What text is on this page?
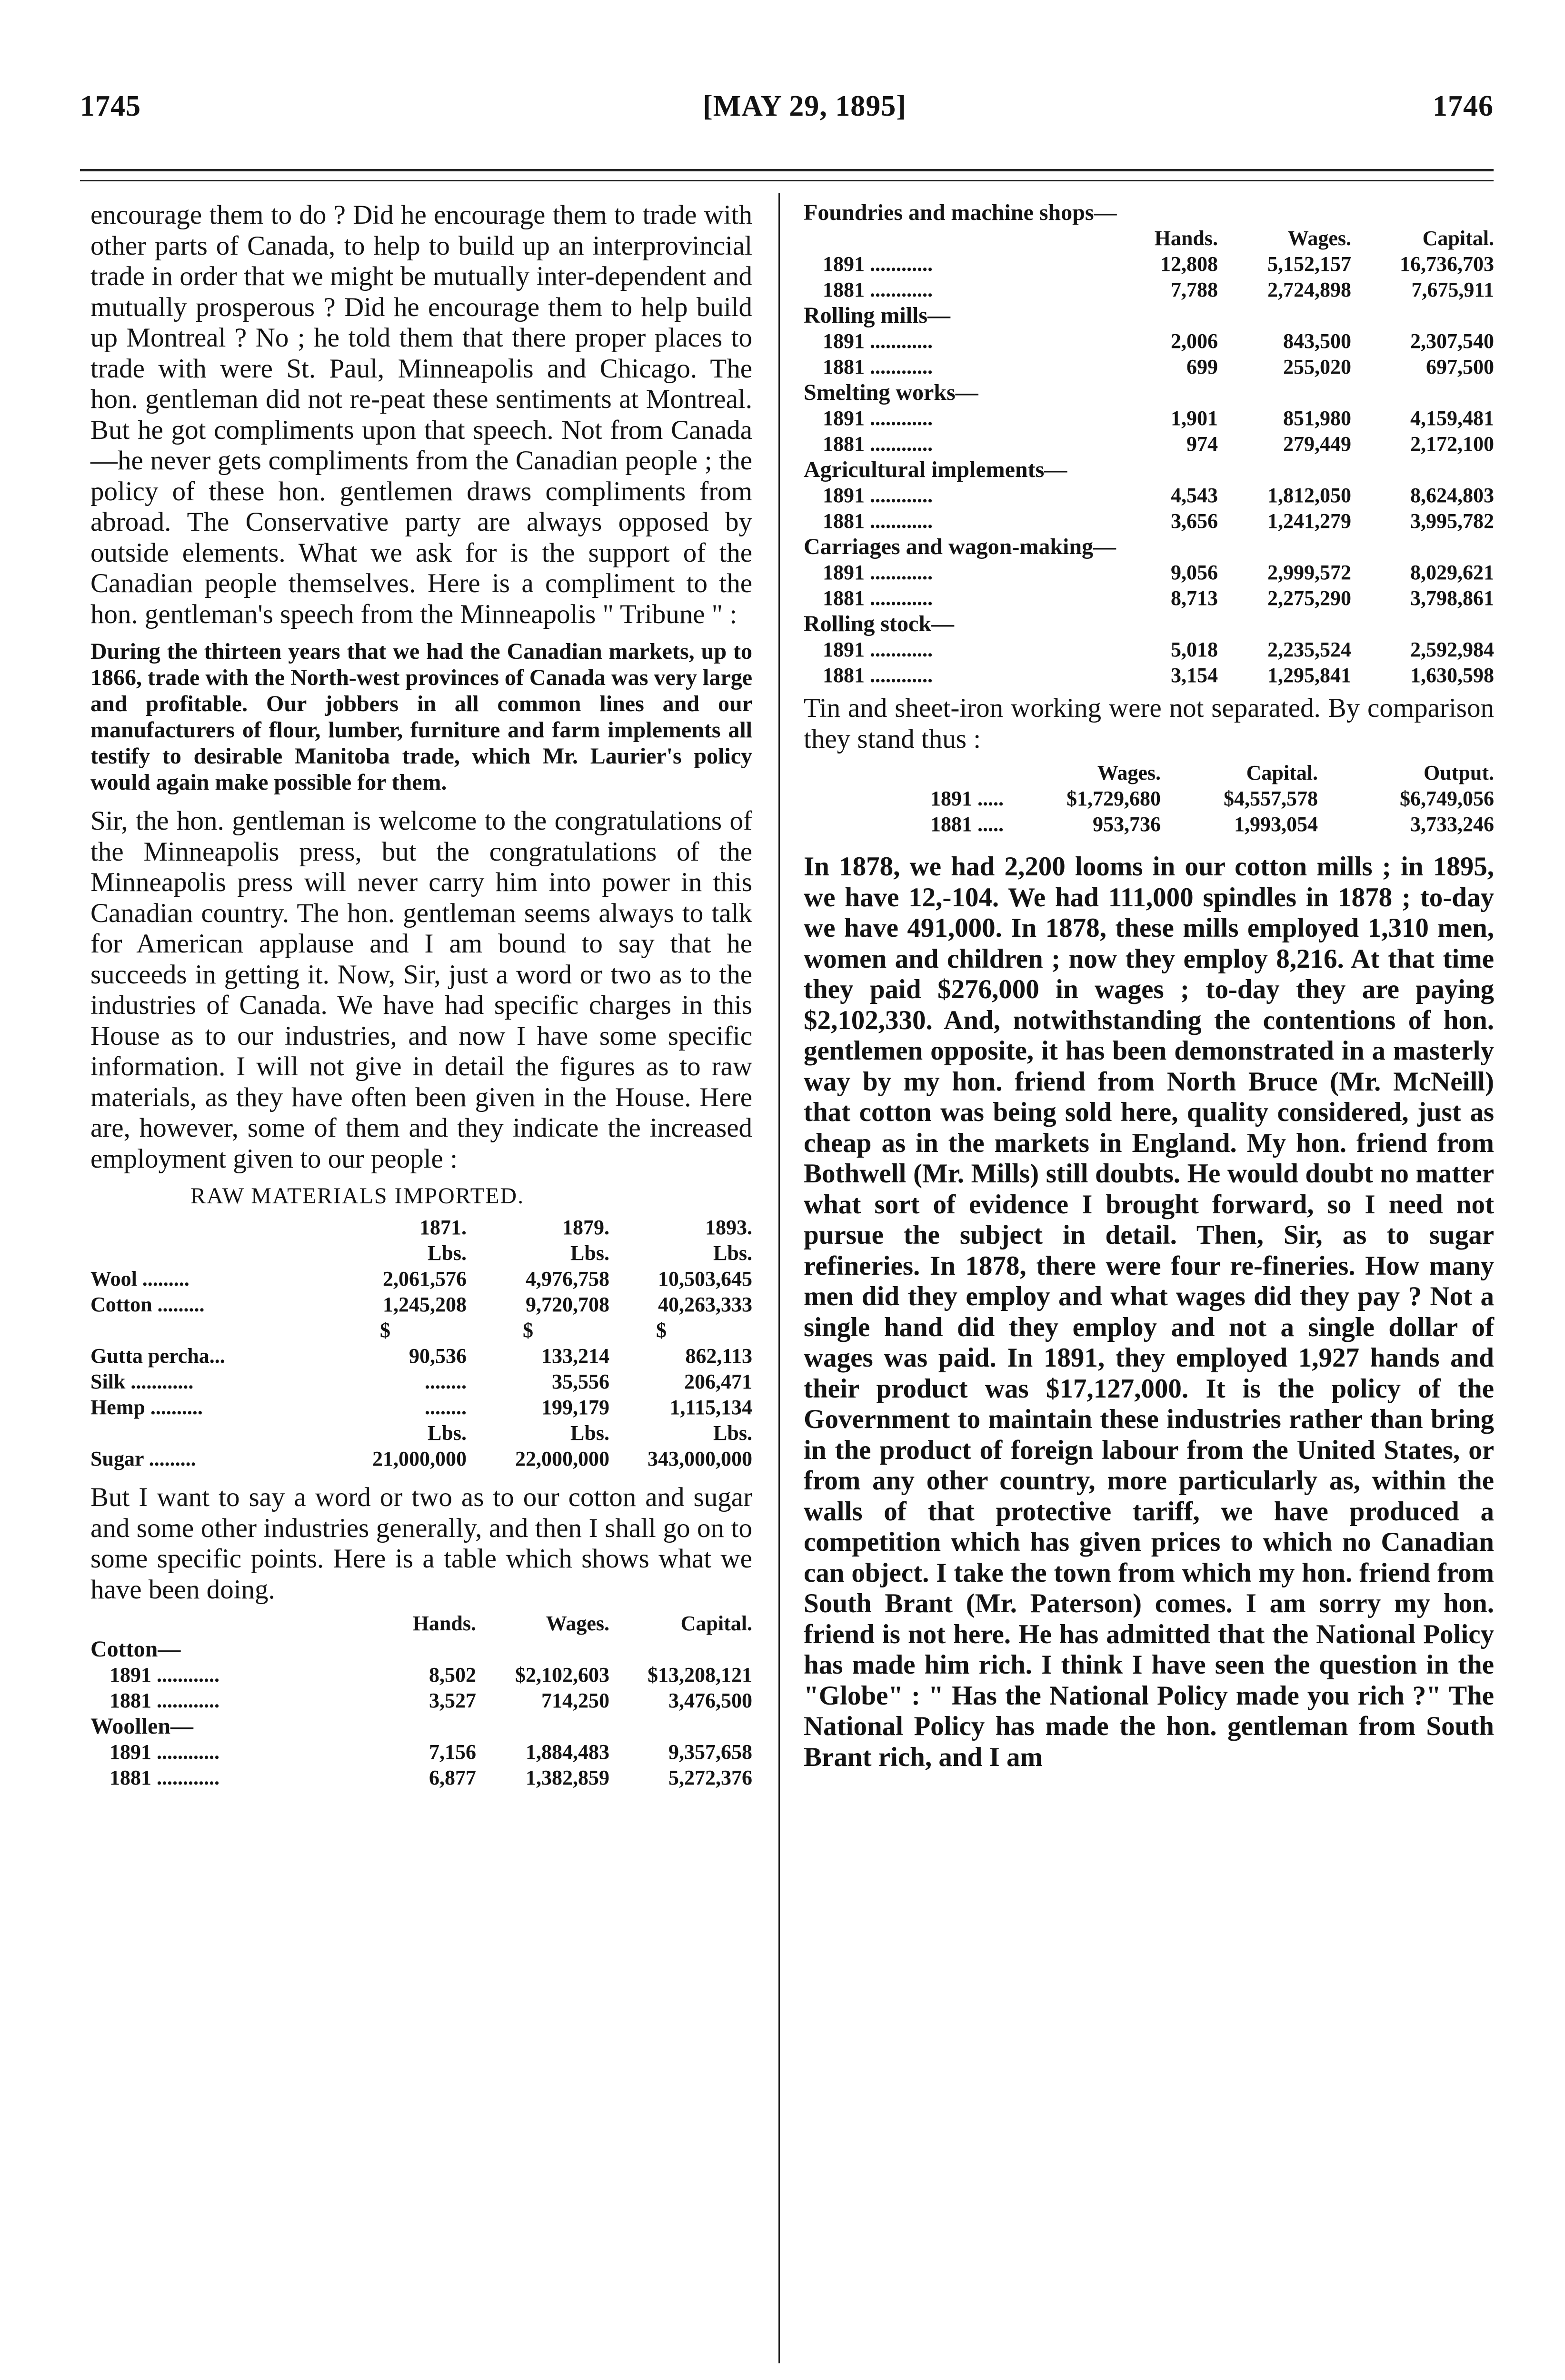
1745	[MAY 29, 1895]	1746

encourage them to do ? Did he encourage them to trade with other parts of Canada, to help to build up an interprovincial trade in order that we might be mutually inter-dependent and mutually prosperous ? Did he encourage them to help build up Montreal ? No ; he told them that there proper places to trade with were St. Paul, Minneapolis and Chicago. The hon. gentleman did not re-peat these sentiments at Montreal. But he got compliments upon that speech. Not from Canada—he never gets compliments from the Canadian people ; the policy of these hon. gentlemen draws compliments from abroad. The Conservative party are always opposed by outside elements. What we ask for is the support of the Canadian people themselves. Here is a compliment to the hon. gentleman's speech from the Minneapolis " Tribune " :

During the thirteen years that we had the Canadian markets, up to 1866, trade with the North-west provinces of Canada was very large and profitable. Our jobbers in all common lines and our manufacturers of flour, lumber, furniture and farm implements all testify to desirable Manitoba trade, which Mr. Laurier's policy would again make possible for them.

Sir, the hon. gentleman is welcome to the congratulations of the Minneapolis press, but the congratulations of the Minneapolis press will never carry him into power in this Canadian country. The hon. gentleman seems always to talk for American applause and I am bound to say that he succeeds in getting it. Now, Sir, just a word or two as to the industries of Canada. We have had specific charges in this House as to our industries, and now I have some specific information. I will not give in detail the figures as to raw materials, as they have often been given in the House. Here are, however, some of them and they indicate the increased employment given to our people :

RAW MATERIALS IMPORTED.
	1871.	1879.	1893.
	Lbs.	Lbs.	Lbs.
Wool .........	2,061,576	4,976,758	10,503,645
Cotton .........	1,245,208	9,720,708	40,263,333
	$	$	$
Gutta percha...	90,536	133,214	862,113
Silk ............	........	35,556	206,471
Hemp ..........	........	199,179	1,115,134
	Lbs.	Lbs.	Lbs.
Sugar .........	21,000,000	22,000,000	343,000,000

But I want to say a word or two as to our cotton and sugar and some other industries generally, and then I shall go on to some specific points. Here is a table which shows what we have been doing.

	Hands.	Wages.	Capital.
Cotton—			
1891 ............	8,502	$2,102,603	$13,208,121
1881 ............	3,527	714,250	3,476,500
Woollen—			
1891 ............	7,156	1,884,483	9,357,658
1881 ............	6,877	1,382,859	5,272,376
Foundries and machine shops—			
	Hands.	Wages.	Capital.
1891 ............	12,808	5,152,157	16,736,703
1881 ............	7,788	2,724,898	7,675,911
Rolling mills—			
1891 ............	2,006	843,500	2,307,540
1881 ............	699	255,020	697,500
Smelting works—			
1891 ............	1,901	851,980	4,159,481
1881 ............	974	279,449	2,172,100
Agricultural implements—			
1891 ............	4,543	1,812,050	8,624,803
1881 ............	3,656	1,241,279	3,995,782
Carriages and wagon-making—			
1891 ............	9,056	2,999,572	8,029,621
1881 ............	8,713	2,275,290	3,798,861
Rolling stock—			
1891 ............	5,018	2,235,524	2,592,984
1881 ............	3,154	1,295,841	1,630,598

Tin and sheet-iron working were not separated. By comparison they stand thus :

	Wages.	Capital.	Output.
1891 .....	$1,729,680	$4,557,578	$6,749,056
1881 .....	953,736	1,993,054	3,733,246

In 1878, we had 2,200 looms in our cotton mills ; in 1895, we have 12,-104. We had 111,000 spindles in 1878 ; to-day we have 491,000. In 1878, these mills employed 1,310 men, women and children ; now they employ 8,216. At that time they paid $276,000 in wages ; to-day they are paying $2,102,330. And, notwithstanding the contentions of hon. gentlemen opposite, it has been demonstrated in a masterly way by my hon. friend from North Bruce (Mr. McNeill) that cotton was being sold here, quality considered, just as cheap as in the markets in England. My hon. friend from Bothwell (Mr. Mills) still doubts. He would doubt no matter what sort of evidence I brought forward, so I need not pursue the subject in detail. Then, Sir, as to sugar refineries. In 1878, there were four re-fineries. How many men did they employ and what wages did they pay ? Not a single hand did they employ and not a single dollar of wages was paid. In 1891, they employed 1,927 hands and their product was $17,127,000. It is the policy of the Government to maintain these industries rather than bring in the product of foreign labour from the United States, or from any other country, more particularly as, within the walls of that protective tariff, we have produced a competition which has given prices to which no Canadian can object. I take the town from which my hon. friend from South Brant (Mr. Paterson) comes. I am sorry my hon. friend is not here. He has admitted that the National Policy has made him rich. I think I have seen the question in the "Globe" : " Has the National Policy made you rich ?" The National Policy has made the hon. gentleman from South Brant rich, and I am
